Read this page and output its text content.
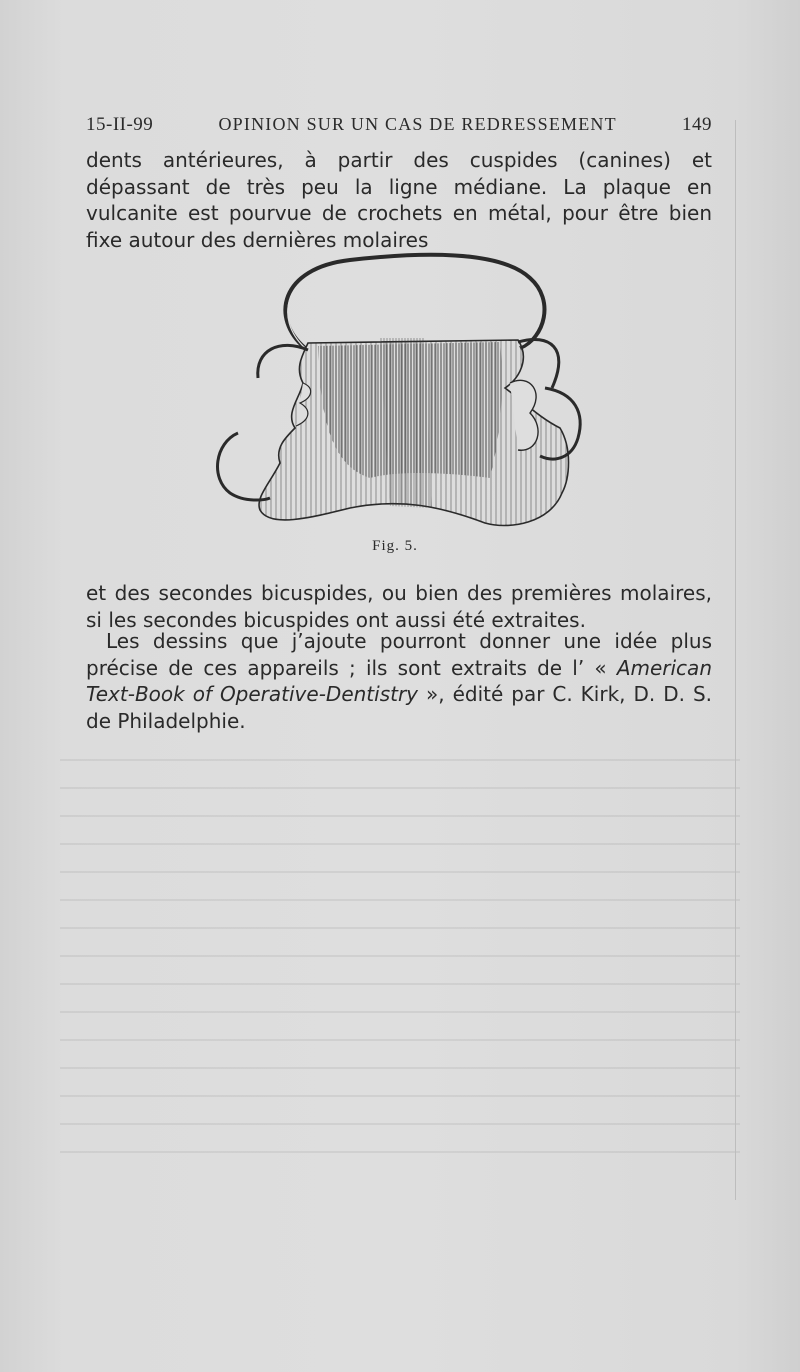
15-II-99	OPINION SUR UN CAS DE REDRESSEMENT	149

dents antérieures, à partir des cuspides (canines) et dépassant de très peu la ligne médiane. La plaque en vulcanite est pourvue de crochets en métal, pour être bien fixe autour des dernières molaires

Fig. 5.

et des secondes bicuspides, ou bien des premières molaires, si les secondes bicuspides ont aussi été extraites.

Les dessins que j’ajoute pourront donner une idée plus précise de ces appareils ; ils sont extraits de l’ « American Text-Book of Operative-Dentistry », édité par C. Kirk, D. D. S. de Philadelphie.
